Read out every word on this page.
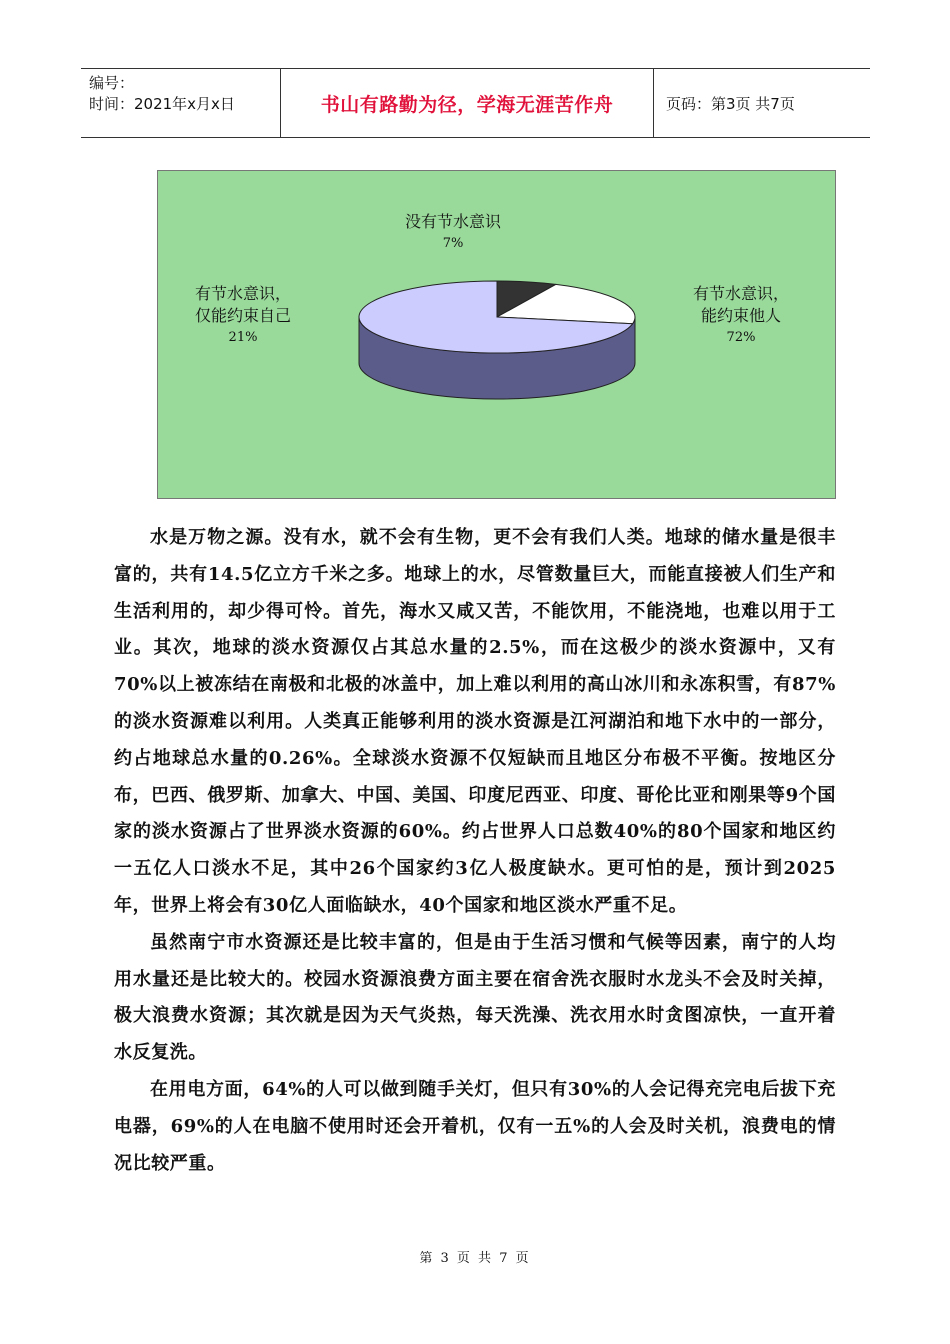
编号：
时间：2021年x月x日	书山有路勤为径，学海无涯苦作舟	页码：第3页 共7页
没有节水意识
7%
有节水意识，
仅能约束自己
21%
有节水意识，
能约束他人
72%

水是万物之源。没有水，就不会有生物，更不会有我们人类。地球的储水量是很丰富的，共有14.5亿立方千米之多。地球上的水，尽管数量巨大，而能直接被人们生产和生活利用的，却少得可怜。首先，海水又咸又苦，不能饮用，不能浇地，也难以用于工业。其次，地球的淡水资源仅占其总水量的2.5%，而在这极少的淡水资源中，又有70%以上被冻结在南极和北极的冰盖中，加上难以利用的高山冰川和永冻积雪，有87%的淡水资源难以利用。人类真正能够利用的淡水资源是江河湖泊和地下水中的一部分，约占地球总水量的0.26%。全球淡水资源不仅短缺而且地区分布极不平衡。按地区分布，巴西、俄罗斯、加拿大、中国、美国、印度尼西亚、印度、哥伦比亚和刚果等9个国家的淡水资源占了世界淡水资源的60%。约占世界人口总数40%的80个国家和地区约一五亿人口淡水不足，其中26个国家约3亿人极度缺水。更可怕的是，预计到2025年，世界上将会有30亿人面临缺水，40个国家和地区淡水严重不足。

虽然南宁市水资源还是比较丰富的，但是由于生活习惯和气候等因素，南宁的人均用水量还是比较大的。校园水资源浪费方面主要在宿舍洗衣服时水龙头不会及时关掉，极大浪费水资源；其次就是因为天气炎热，每天洗澡、洗衣用水时贪图凉快，一直开着水反复洗。

在用电方面，64%的人可以做到随手关灯，但只有30%的人会记得充完电后拔下充电器，69%的人在电脑不使用时还会开着机，仅有一五%的人会及时关机，浪费电的情况比较严重。

第 3 页 共 7 页
